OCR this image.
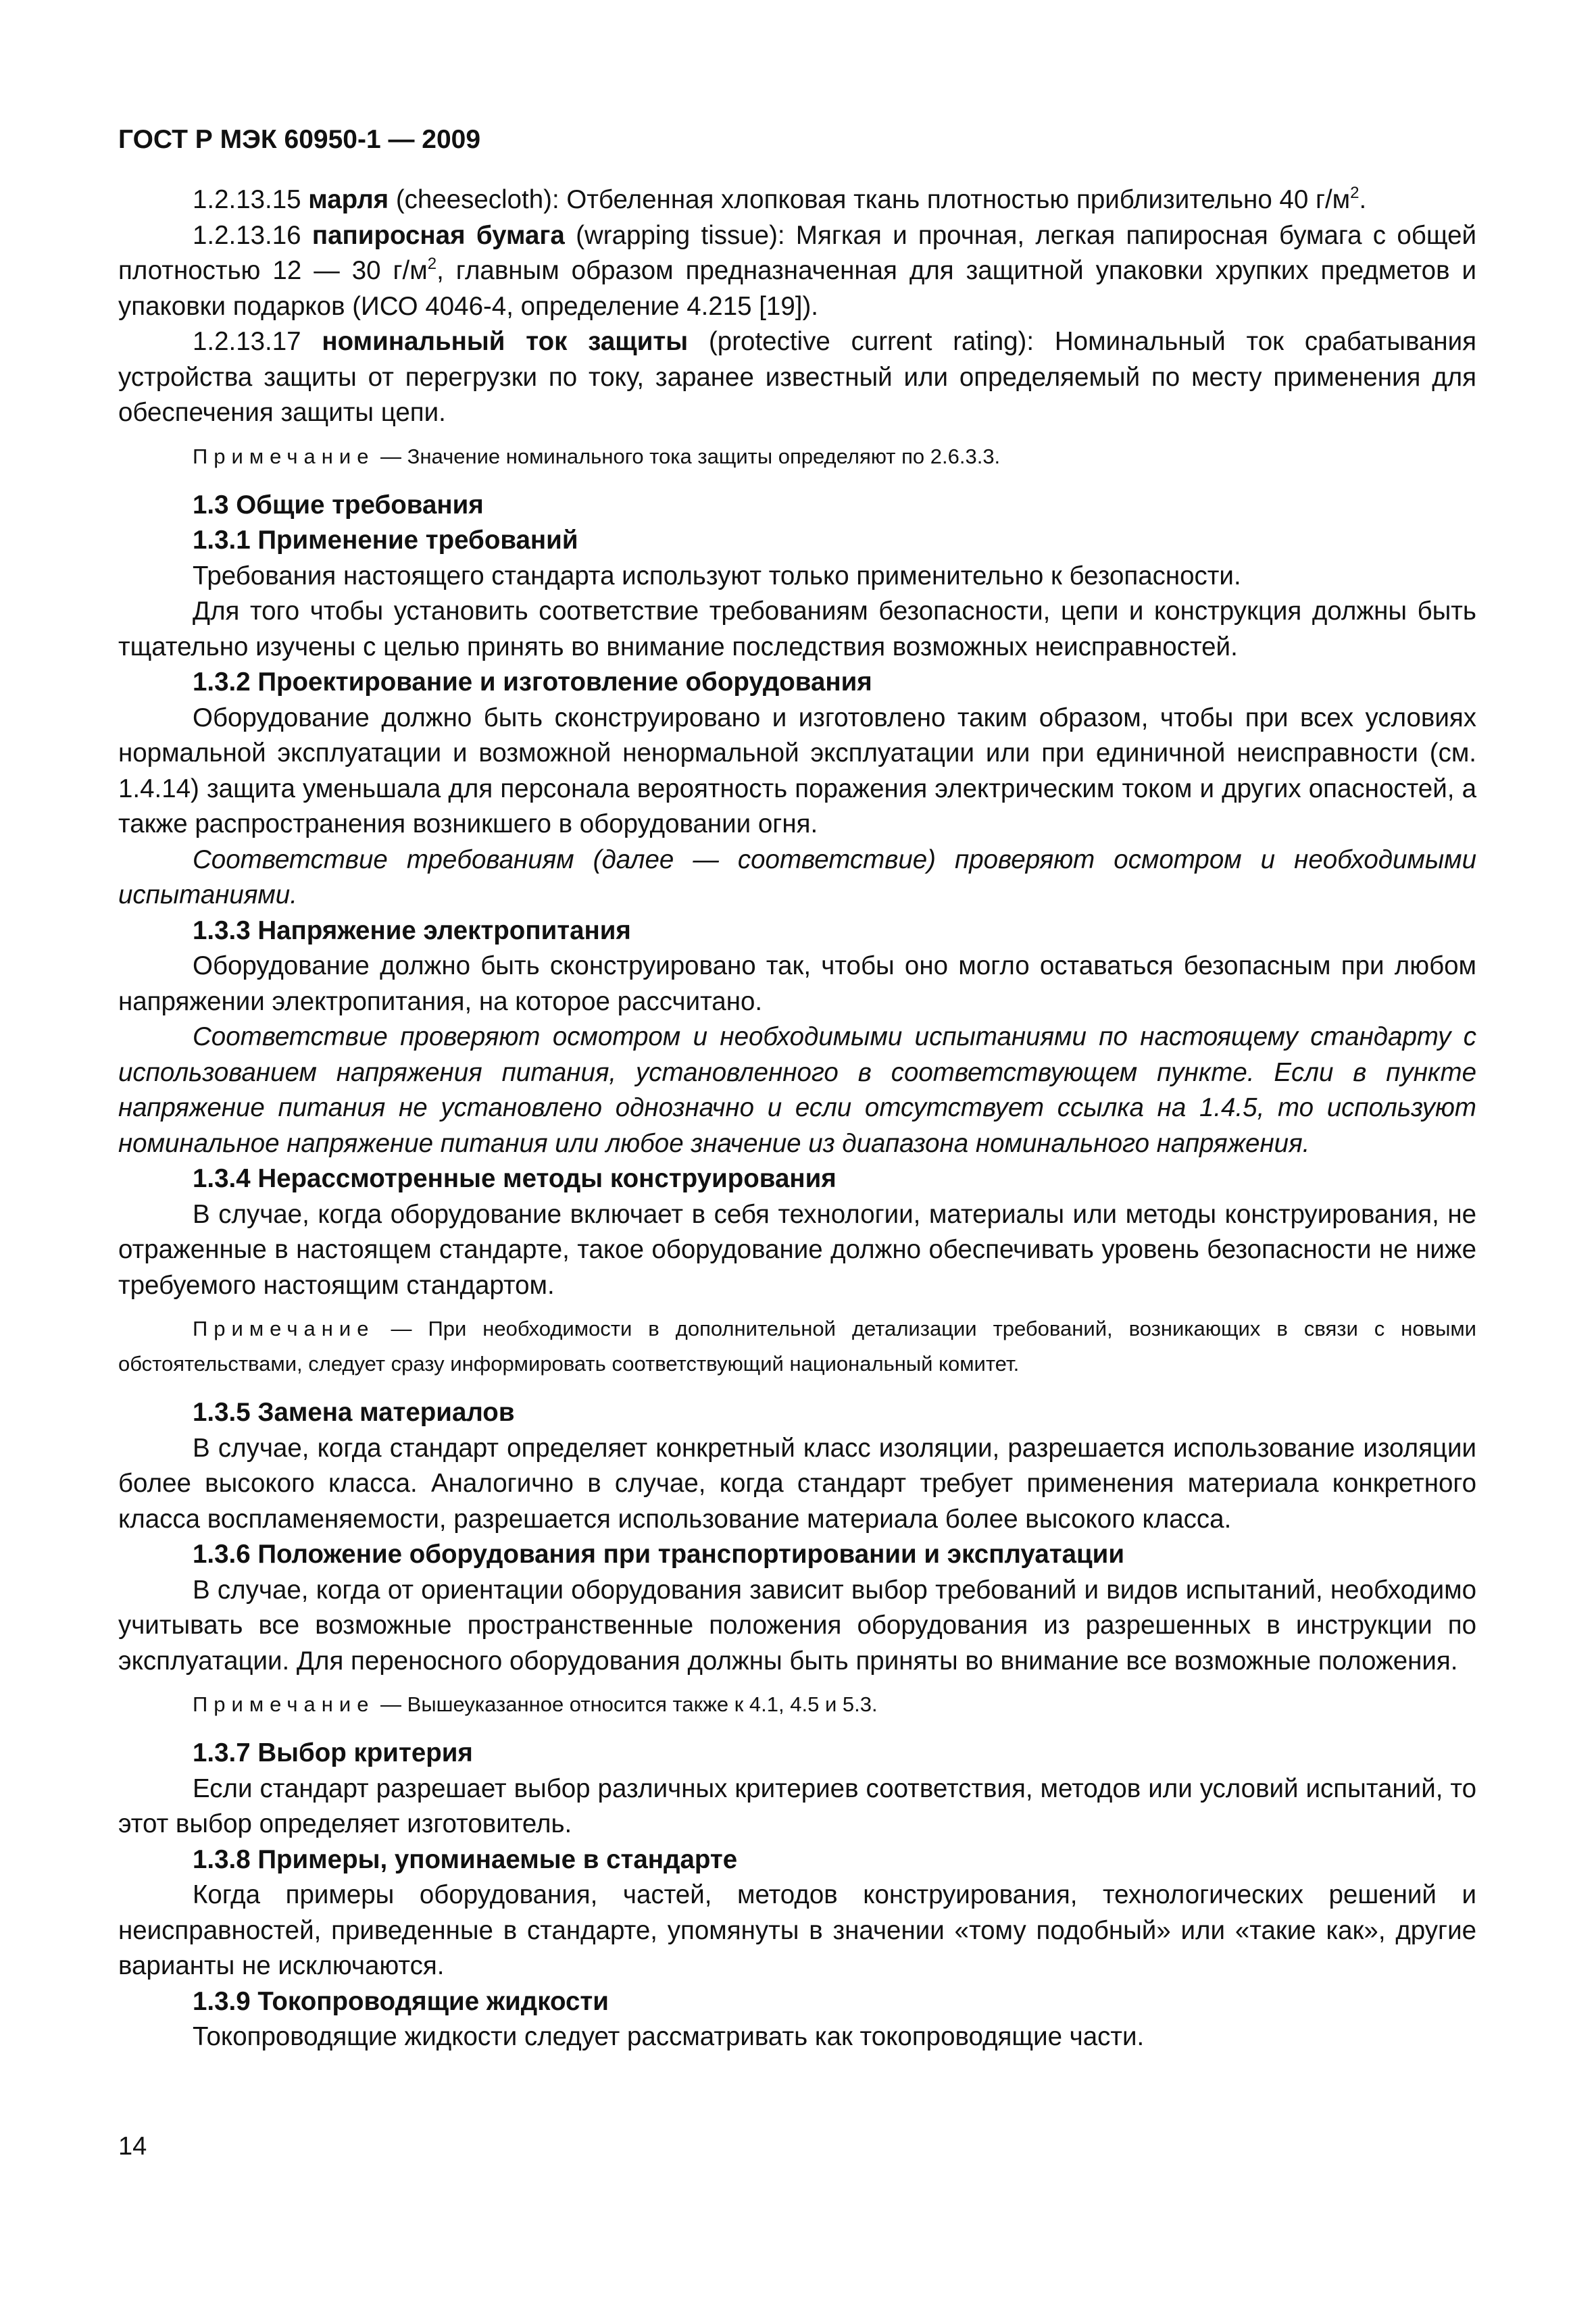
ГОСТ Р МЭК 60950-1 — 2009

1.2.13.15 марля (cheesecloth): Отбеленная хлопковая ткань плотностью приблизительно 40 $г/м^2$.

1.2.13.16 папиросная бумага (wrapping tissue): Мягкая и прочная, легкая папиросная бумага с общей плотностью 12 — 30 $г/м^2$, главным образом предназначенная для защитной упаковки хрупких предметов и упаковки подарков (ИСО 4046-4, определение 4.215 [19]).

1.2.13.17 номинальный ток защиты (protective current rating): Номинальный ток срабатывания устройства защиты от перегрузки по току, заранее известный или определяемый по месту применения для обеспечения защиты цепи.

Примечание — Значение номинального тока защиты определяют по 2.6.3.3.

1.3 Общие требования
1.3.1 Применение требований

Требования настоящего стандарта используют только применительно к безопасности.

Для того чтобы установить соответствие требованиям безопасности, цепи и конструкция должны быть тщательно изучены с целью принять во внимание последствия возможных неисправностей.

1.3.2 Проектирование и изготовление оборудования

Оборудование должно быть сконструировано и изготовлено таким образом, чтобы при всех условиях нормальной эксплуатации и возможной ненормальной эксплуатации или при единичной неисправности (см. 1.4.14) защита уменьшала для персонала вероятность поражения электрическим током и других опасностей, а также распространения возникшего в оборудовании огня.

Соответствие требованиям (далее — соответствие) проверяют осмотром и необходимыми испытаниями.

1.3.3 Напряжение электропитания

Оборудование должно быть сконструировано так, чтобы оно могло оставаться безопасным при любом напряжении электропитания, на которое рассчитано.

Соответствие проверяют осмотром и необходимыми испытаниями по настоящему стандарту с использованием напряжения питания, установленного в соответствующем пункте. Если в пункте напряжение питания не установлено однозначно и если отсутствует ссылка на 1.4.5, то используют номинальное напряжение питания или любое значение из диапазона номинального напряжения.

1.3.4 Нерассмотренные методы конструирования

В случае, когда оборудование включает в себя технологии, материалы или методы конструирования, не отраженные в настоящем стандарте, такое оборудование должно обеспечивать уровень безопасности не ниже требуемого настоящим стандартом.

Примечание — При необходимости в дополнительной детализации требований, возникающих в связи с новыми обстоятельствами, следует сразу информировать соответствующий национальный комитет.

1.3.5 Замена материалов

В случае, когда стандарт определяет конкретный класс изоляции, разрешается использование изоляции более высокого класса. Аналогично в случае, когда стандарт требует применения материала конкретного класса воспламеняемости, разрешается использование материала более высокого класса.

1.3.6 Положение оборудования при транспортировании и эксплуатации

В случае, когда от ориентации оборудования зависит выбор требований и видов испытаний, необходимо учитывать все возможные пространственные положения оборудования из разрешенных в инструкции по эксплуатации. Для переносного оборудования должны быть приняты во внимание все возможные положения.

Примечание — Вышеуказанное относится также к 4.1, 4.5 и 5.3.

1.3.7 Выбор критерия

Если стандарт разрешает выбор различных критериев соответствия, методов или условий испытаний, то этот выбор определяет изготовитель.

1.3.8 Примеры, упоминаемые в стандарте

Когда примеры оборудования, частей, методов конструирования, технологических решений и неисправностей, приведенные в стандарте, упомянуты в значении «тому подобный» или «такие как», другие варианты не исключаются.

1.3.9 Токопроводящие жидкости

Токопроводящие жидкости следует рассматривать как токопроводящие части.

14
